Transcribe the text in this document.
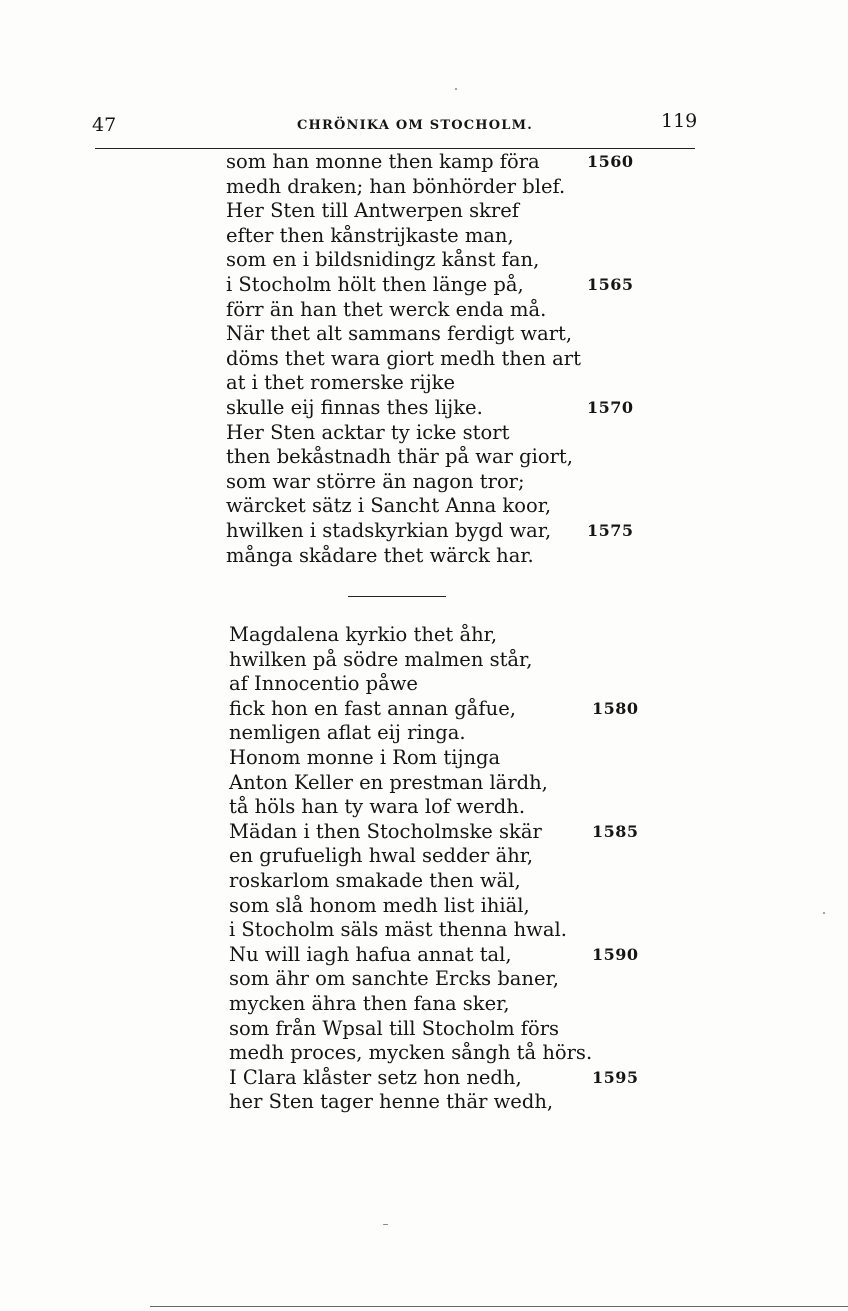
47	CHRÖNIKA OM STOCHOLM.	119
som han monne then kamp föra	1560
medh draken; han bönhörder blef.
Her Sten till Antwerpen skref
efter then kånstrijkaste man,
som en i bildsnidingz kånst fan,
i Stocholm hölt then länge på,	1565
förr än han thet werck enda må.
När thet alt sammans ferdigt wart,
döms thet wara giort medh then art
at i thet romerske rijke
skulle eij finnas thes lijke.	1570
Her Sten acktar ty icke stort
then bekåstnadh thär på war giort,
som war större än nagon tror;
wärcket sätz i Sancht Anna koor,
hwilken i stadskyrkian bygd war, 1575
många skådare thet wärck har.
Magdalena kyrkio thet åhr,
hwilken på södre malmen står,
af Innocentio påwe
fick hon en fast annan gåfue,	1580
nemligen aflat eij ringa.
Honom monne i Rom tijnga
Anton Keller en prestman lärdh,
tå höls han ty wara lof werdh.
Mädan i then Stocholmske skär	1585
en grufueligh hwal sedder ähr,
roskarlom smakade then wäl,
som slå honom medh list ihiäl,
i Stocholm säls mäst thenna hwal.
Nu will iagh hafua annat tal,	1590
som ähr om sanchte Ercks baner,
mycken ähra then fana sker,
som från Wpsal till Stocholm förs
medh proces, mycken sångh tå hörs.
I Clara klåster setz hon nedh,	1595
her Sten tager henne thär wedh,
